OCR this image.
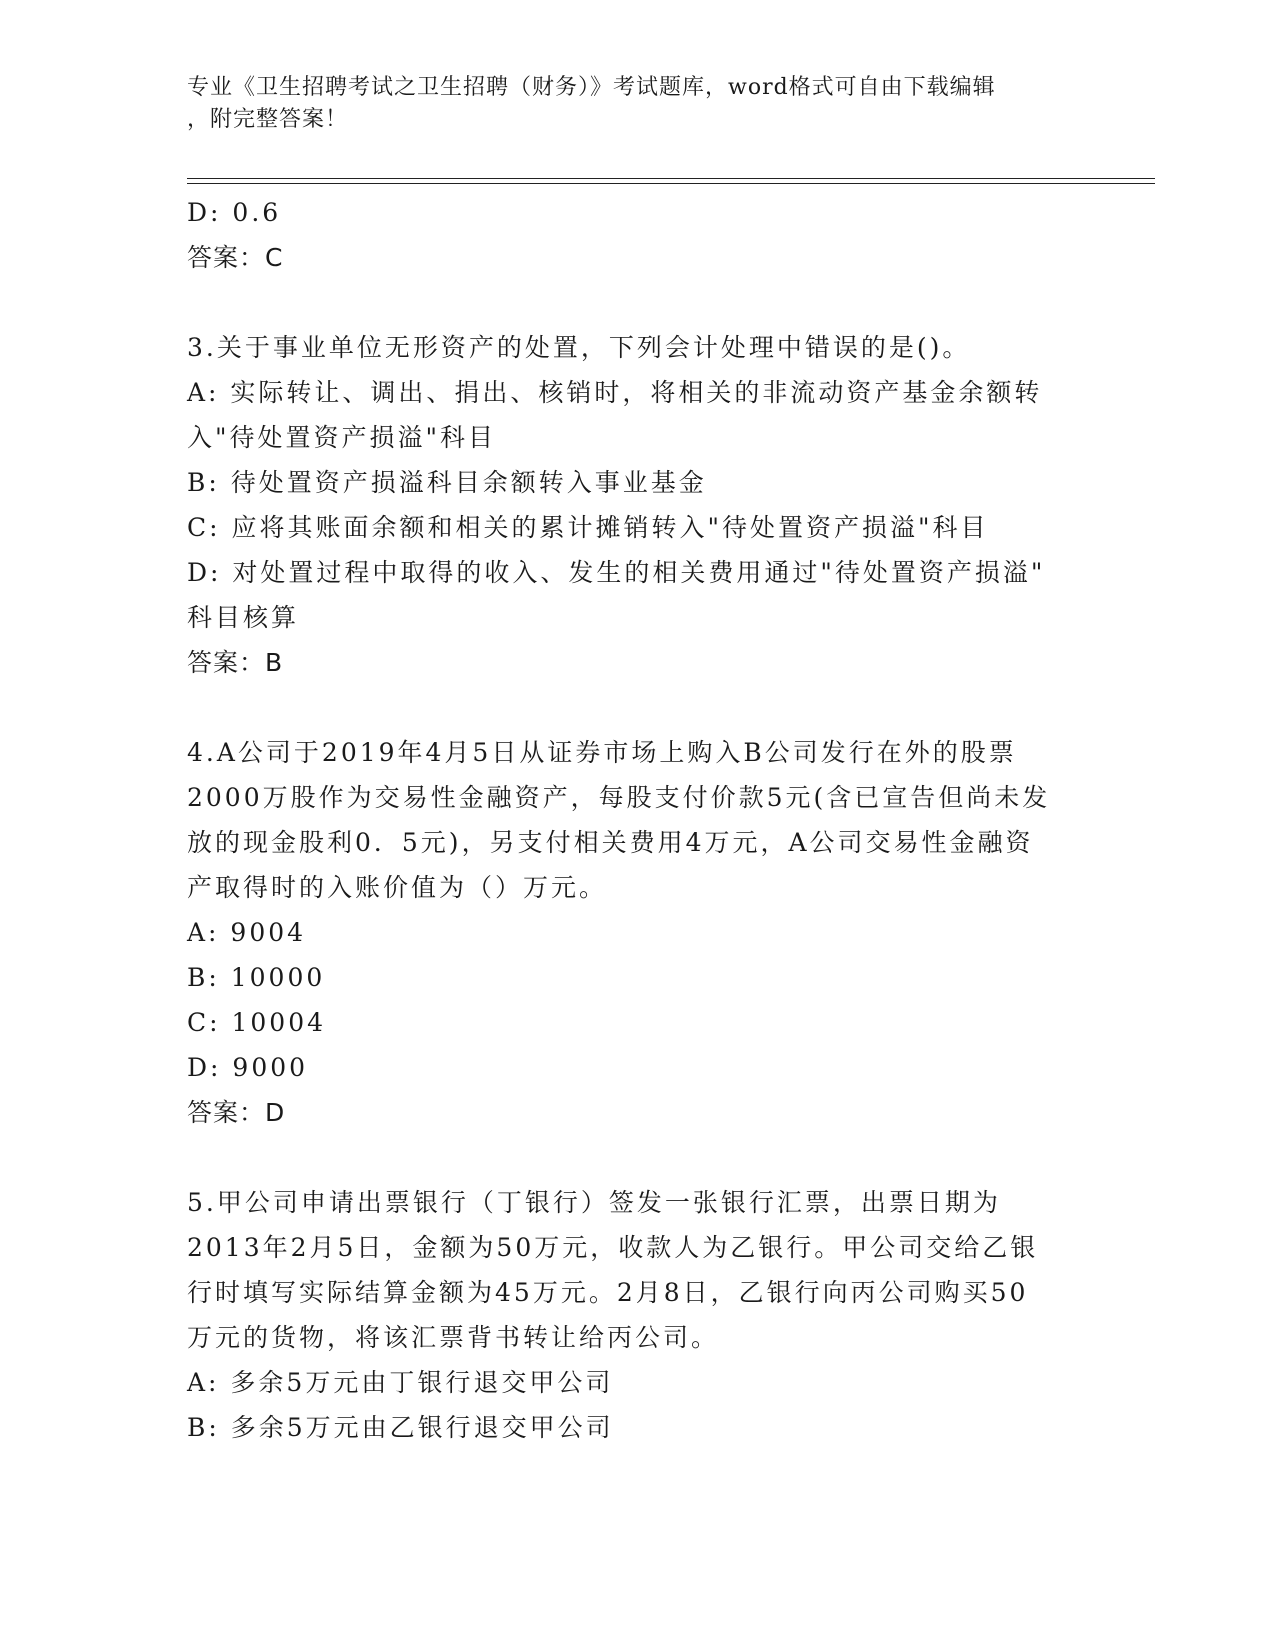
专业《卫生招聘考试之卫生招聘（财务）》考试题库，word格式可自由下载编辑
，附完整答案！
D: 0.6
答案：C
3.关于事业单位无形资产的处置，下列会计处理中错误的是()。
A: 实际转让、调出、捐出、核销时，将相关的非流动资产基金余额转
入"待处置资产损溢"科目
B: 待处置资产损溢科目余额转入事业基金
C: 应将其账面余额和相关的累计摊销转入"待处置资产损溢"科目
D: 对处置过程中取得的收入、发生的相关费用通过"待处置资产损溢"
科目核算
答案：B
4.A公司于2019年4月5日从证券市场上购入B公司发行在外的股票
2000万股作为交易性金融资产，每股支付价款5元(含已宣告但尚未发
放的现金股利0．5元)，另支付相关费用4万元，A公司交易性金融资
产取得时的入账价值为（）万元。
A: 9004
B: 10000
C: 10004
D: 9000
答案：D
5.甲公司申请出票银行（丁银行）签发一张银行汇票，出票日期为
2013年2月5日，金额为50万元，收款人为乙银行。甲公司交给乙银
行时填写实际结算金额为45万元。2月8日，乙银行向丙公司购买50
万元的货物，将该汇票背书转让给丙公司。
A: 多余5万元由丁银行退交甲公司
B: 多余5万元由乙银行退交甲公司
